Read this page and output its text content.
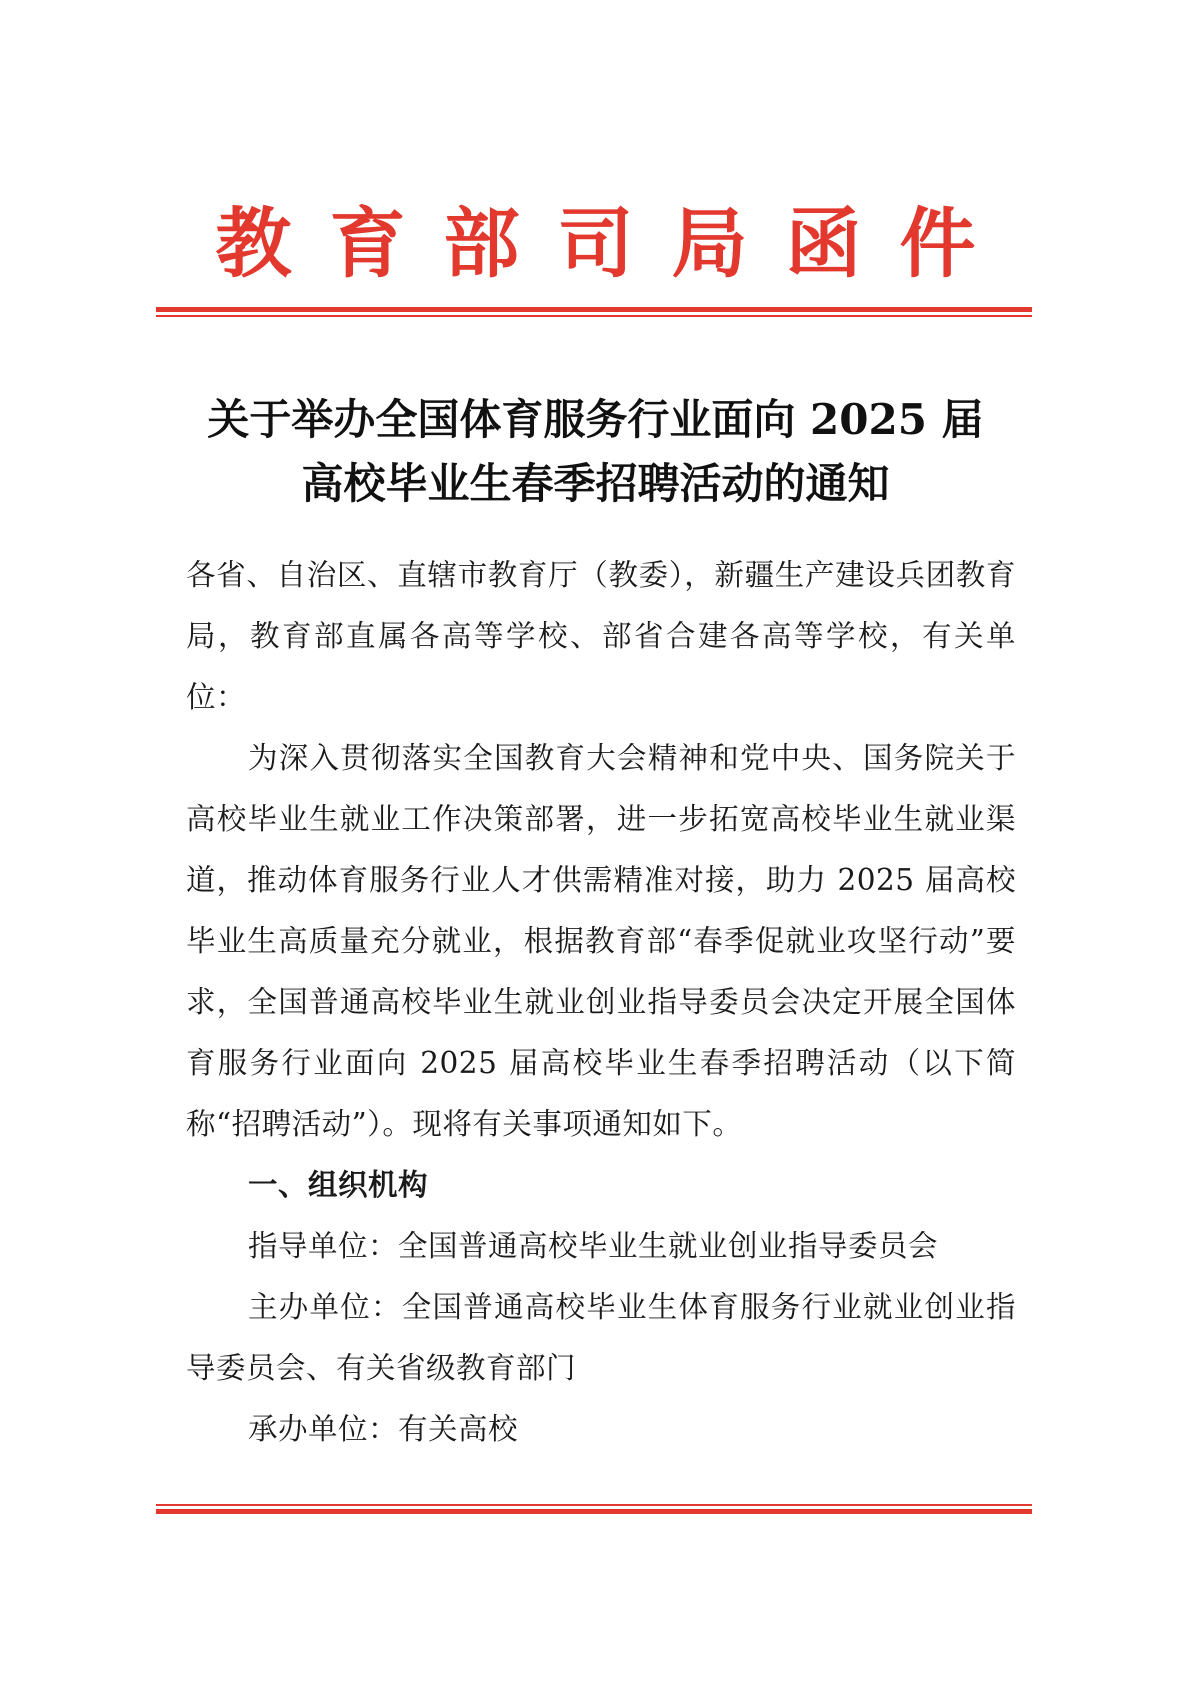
教育部司局函件
关于举办全国体育服务行业面向 2025 届
高校毕业生春季招聘活动的通知

各省、自治区、直辖市教育厅（教委），新疆生产建设兵团教育局，教育部直属各高等学校、部省合建各高等学校，有关单位：

为深入贯彻落实全国教育大会精神和党中央、国务院关于高校毕业生就业工作决策部署，进一步拓宽高校毕业生就业渠道，推动体育服务行业人才供需精准对接，助力 2025 届高校毕业生高质量充分就业，根据教育部“春季促就业攻坚行动”要求，全国普通高校毕业生就业创业指导委员会决定开展全国体育服务行业面向 2025 届高校毕业生春季招聘活动（以下简称“招聘活动”）。现将有关事项通知如下。

一、组织机构

指导单位：全国普通高校毕业生就业创业指导委员会

主办单位：全国普通高校毕业生体育服务行业就业创业指导委员会、有关省级教育部门

承办单位：有关高校
